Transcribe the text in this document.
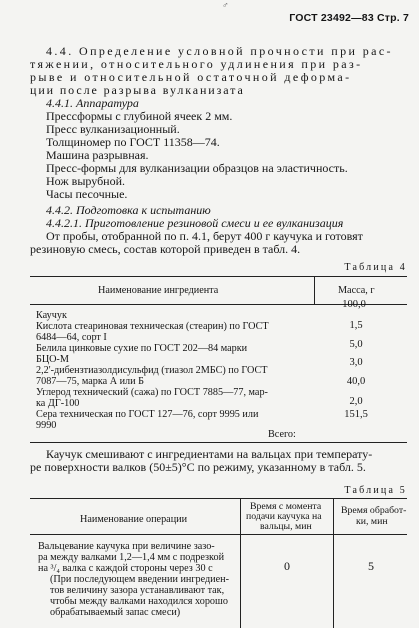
♂
ГОСТ 23492—83 Стр. 7

4.4. Определение условной прочности при рас-

тяжении, относительного удлинения при раз-

рыве и относительной остаточной деформа-

ции после разрыва вулканизата

4.4.1. Аппаратура

Прессформы с глубиной ячеек 2 мм.

Пресс вулканизационный.

Толщиномер по ГОСТ 11358—74.

Машина разрывная.

Пресс-формы для вулканизации образцов на эластичность.

Нож вырубной.

Часы песочные.

4.4.2. Подготовка к испытанию

4.4.2.1. Приготовление резиновой смеси и ее вулканизация

От пробы, отобранной по п. 4.1, берут 400 г каучука и готовят

резиновую смесь, состав которой приведен в табл. 4.

Таблица 4

Наименование ингредиента	Масса, г

Каучук

100,0

Кислота стеариновая техническая (стеарин) по ГОСТ

6484—64, сорт I

1,5

Белила цинковые сухие по ГОСТ 202—84 марки

БЦО-М

5,0

2,2'-дибензтиазолдисульфид (тиазол 2МБС) по ГОСТ

7087—75, марка А или Б

3,0

Углерод технический (сажа) по ГОСТ 7885—77, мар-

ка ДГ-100

40,0

Сера техническая по ГОСТ 127—76, сорт 9995 или

9990

2,0

Всего:

151,5

Каучук смешивают с ингредиентами на вальцах при температу-

ре поверхности валков (50±5)°С по режиму, указанному в табл. 5.

Таблица 5

Наименование операции

Время с момента

подачи каучука на

вальцы, мин

Время обработ-

ки, мин

Вальцевание каучука при величине зазо-

ра между валками 1,2—1,4 мм с подрезкой

на ³/₄ валка с каждой стороны через 30 с

(При последующем введении ингредиен-

тов величину зазора устанавливают так,

чтобы между валками находился хорошо

обрабатываемый запас смеси)

0	5
